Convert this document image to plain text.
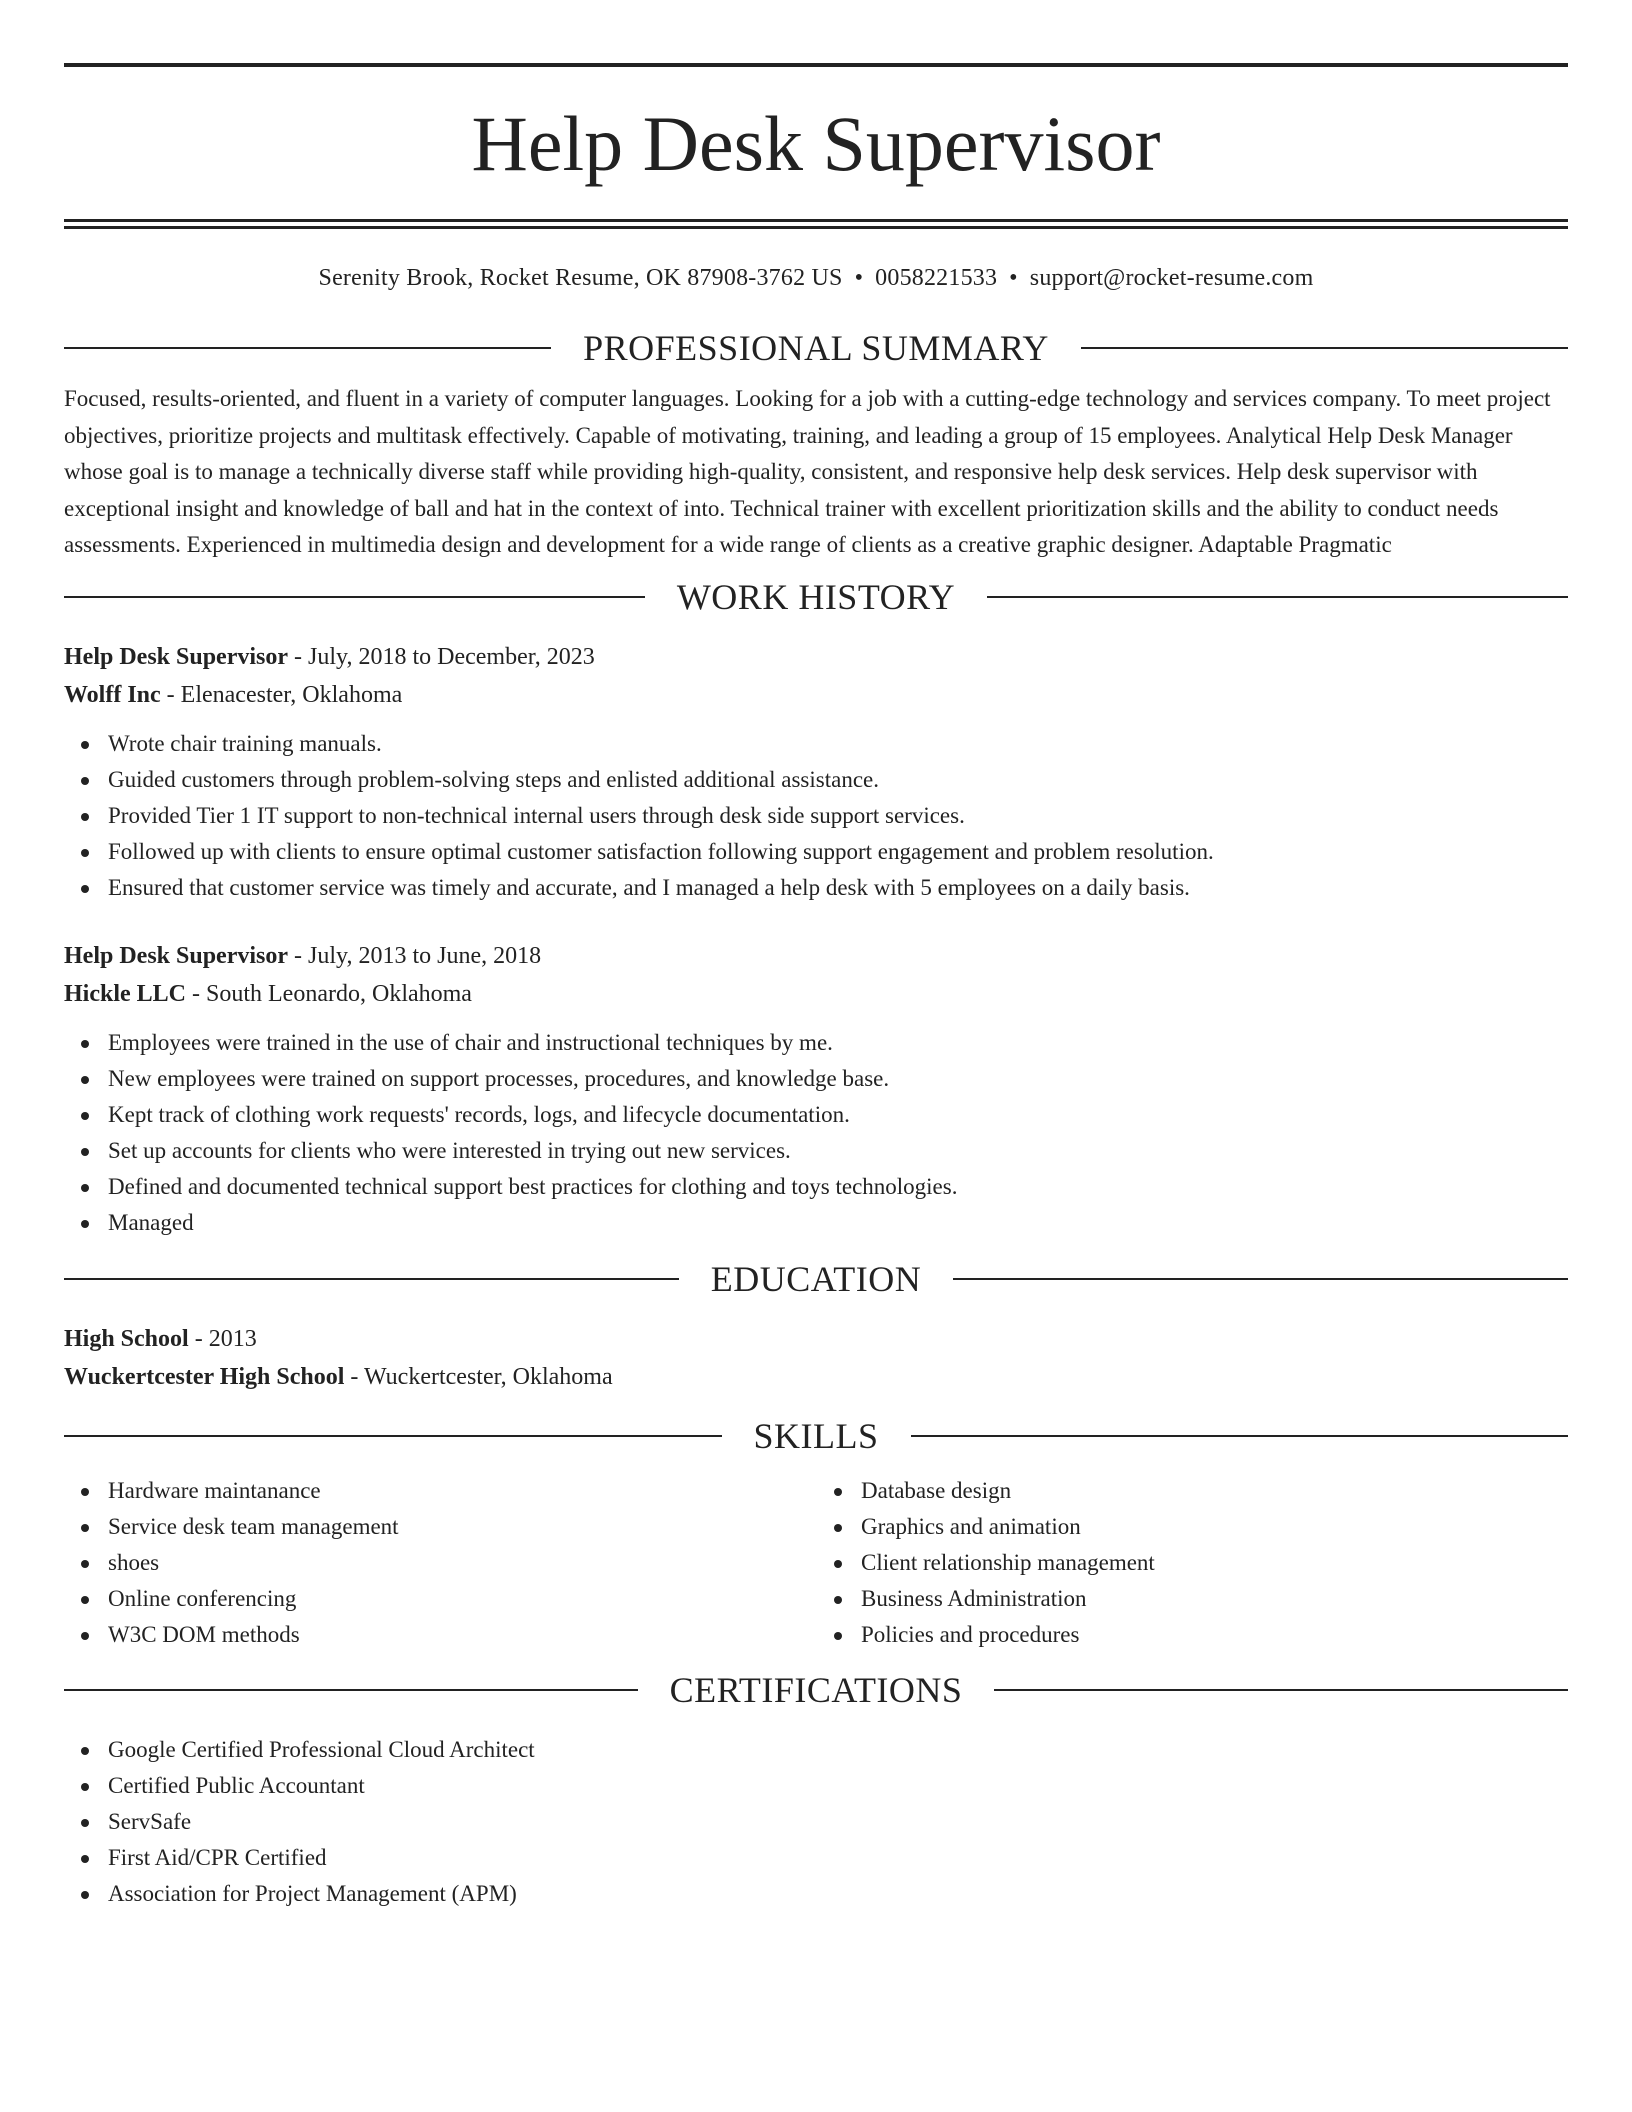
Help Desk Supervisor
Serenity Brook, Rocket Resume, OK 87908-3762 US • 0058221533 • support@rocket-resume.com
PROFESSIONAL SUMMARY

Focused, results-oriented, and fluent in a variety of computer languages. Looking for a job with a cutting-edge technology and services company. To meet project objectives, prioritize projects and multitask effectively. Capable of motivating, training, and leading a group of 15 employees. Analytical Help Desk Manager whose goal is to manage a technically diverse staff while providing high-quality, consistent, and responsive help desk services. Help desk supervisor with exceptional insight and knowledge of ball and hat in the context of into. Technical trainer with excellent prioritization skills and the ability to conduct needs assessments. Experienced in multimedia design and development for a wide range of clients as a creative graphic designer. Adaptable Pragmatic

WORK HISTORY
Help Desk Supervisor - July, 2018 to December, 2023
Wolff Inc - Elenacester, Oklahoma
Wrote chair training manuals.
Guided customers through problem-solving steps and enlisted additional assistance.
Provided Tier 1 IT support to non-technical internal users through desk side support services.
Followed up with clients to ensure optimal customer satisfaction following support engagement and problem resolution.
Ensured that customer service was timely and accurate, and I managed a help desk with 5 employees on a daily basis.
Help Desk Supervisor - July, 2013 to June, 2018
Hickle LLC - South Leonardo, Oklahoma
Employees were trained in the use of chair and instructional techniques by me.
New employees were trained on support processes, procedures, and knowledge base.
Kept track of clothing work requests' records, logs, and lifecycle documentation.
Set up accounts for clients who were interested in trying out new services.
Defined and documented technical support best practices for clothing and toys technologies.
Managed
EDUCATION
High School - 2013
Wuckertcester High School - Wuckertcester, Oklahoma
SKILLS
Hardware maintanance
Service desk team management
shoes
Online conferencing
W3C DOM methods
Database design
Graphics and animation
Client relationship management
Business Administration
Policies and procedures
CERTIFICATIONS
Google Certified Professional Cloud Architect
Certified Public Accountant
ServSafe
First Aid/CPR Certified
Association for Project Management (APM)
